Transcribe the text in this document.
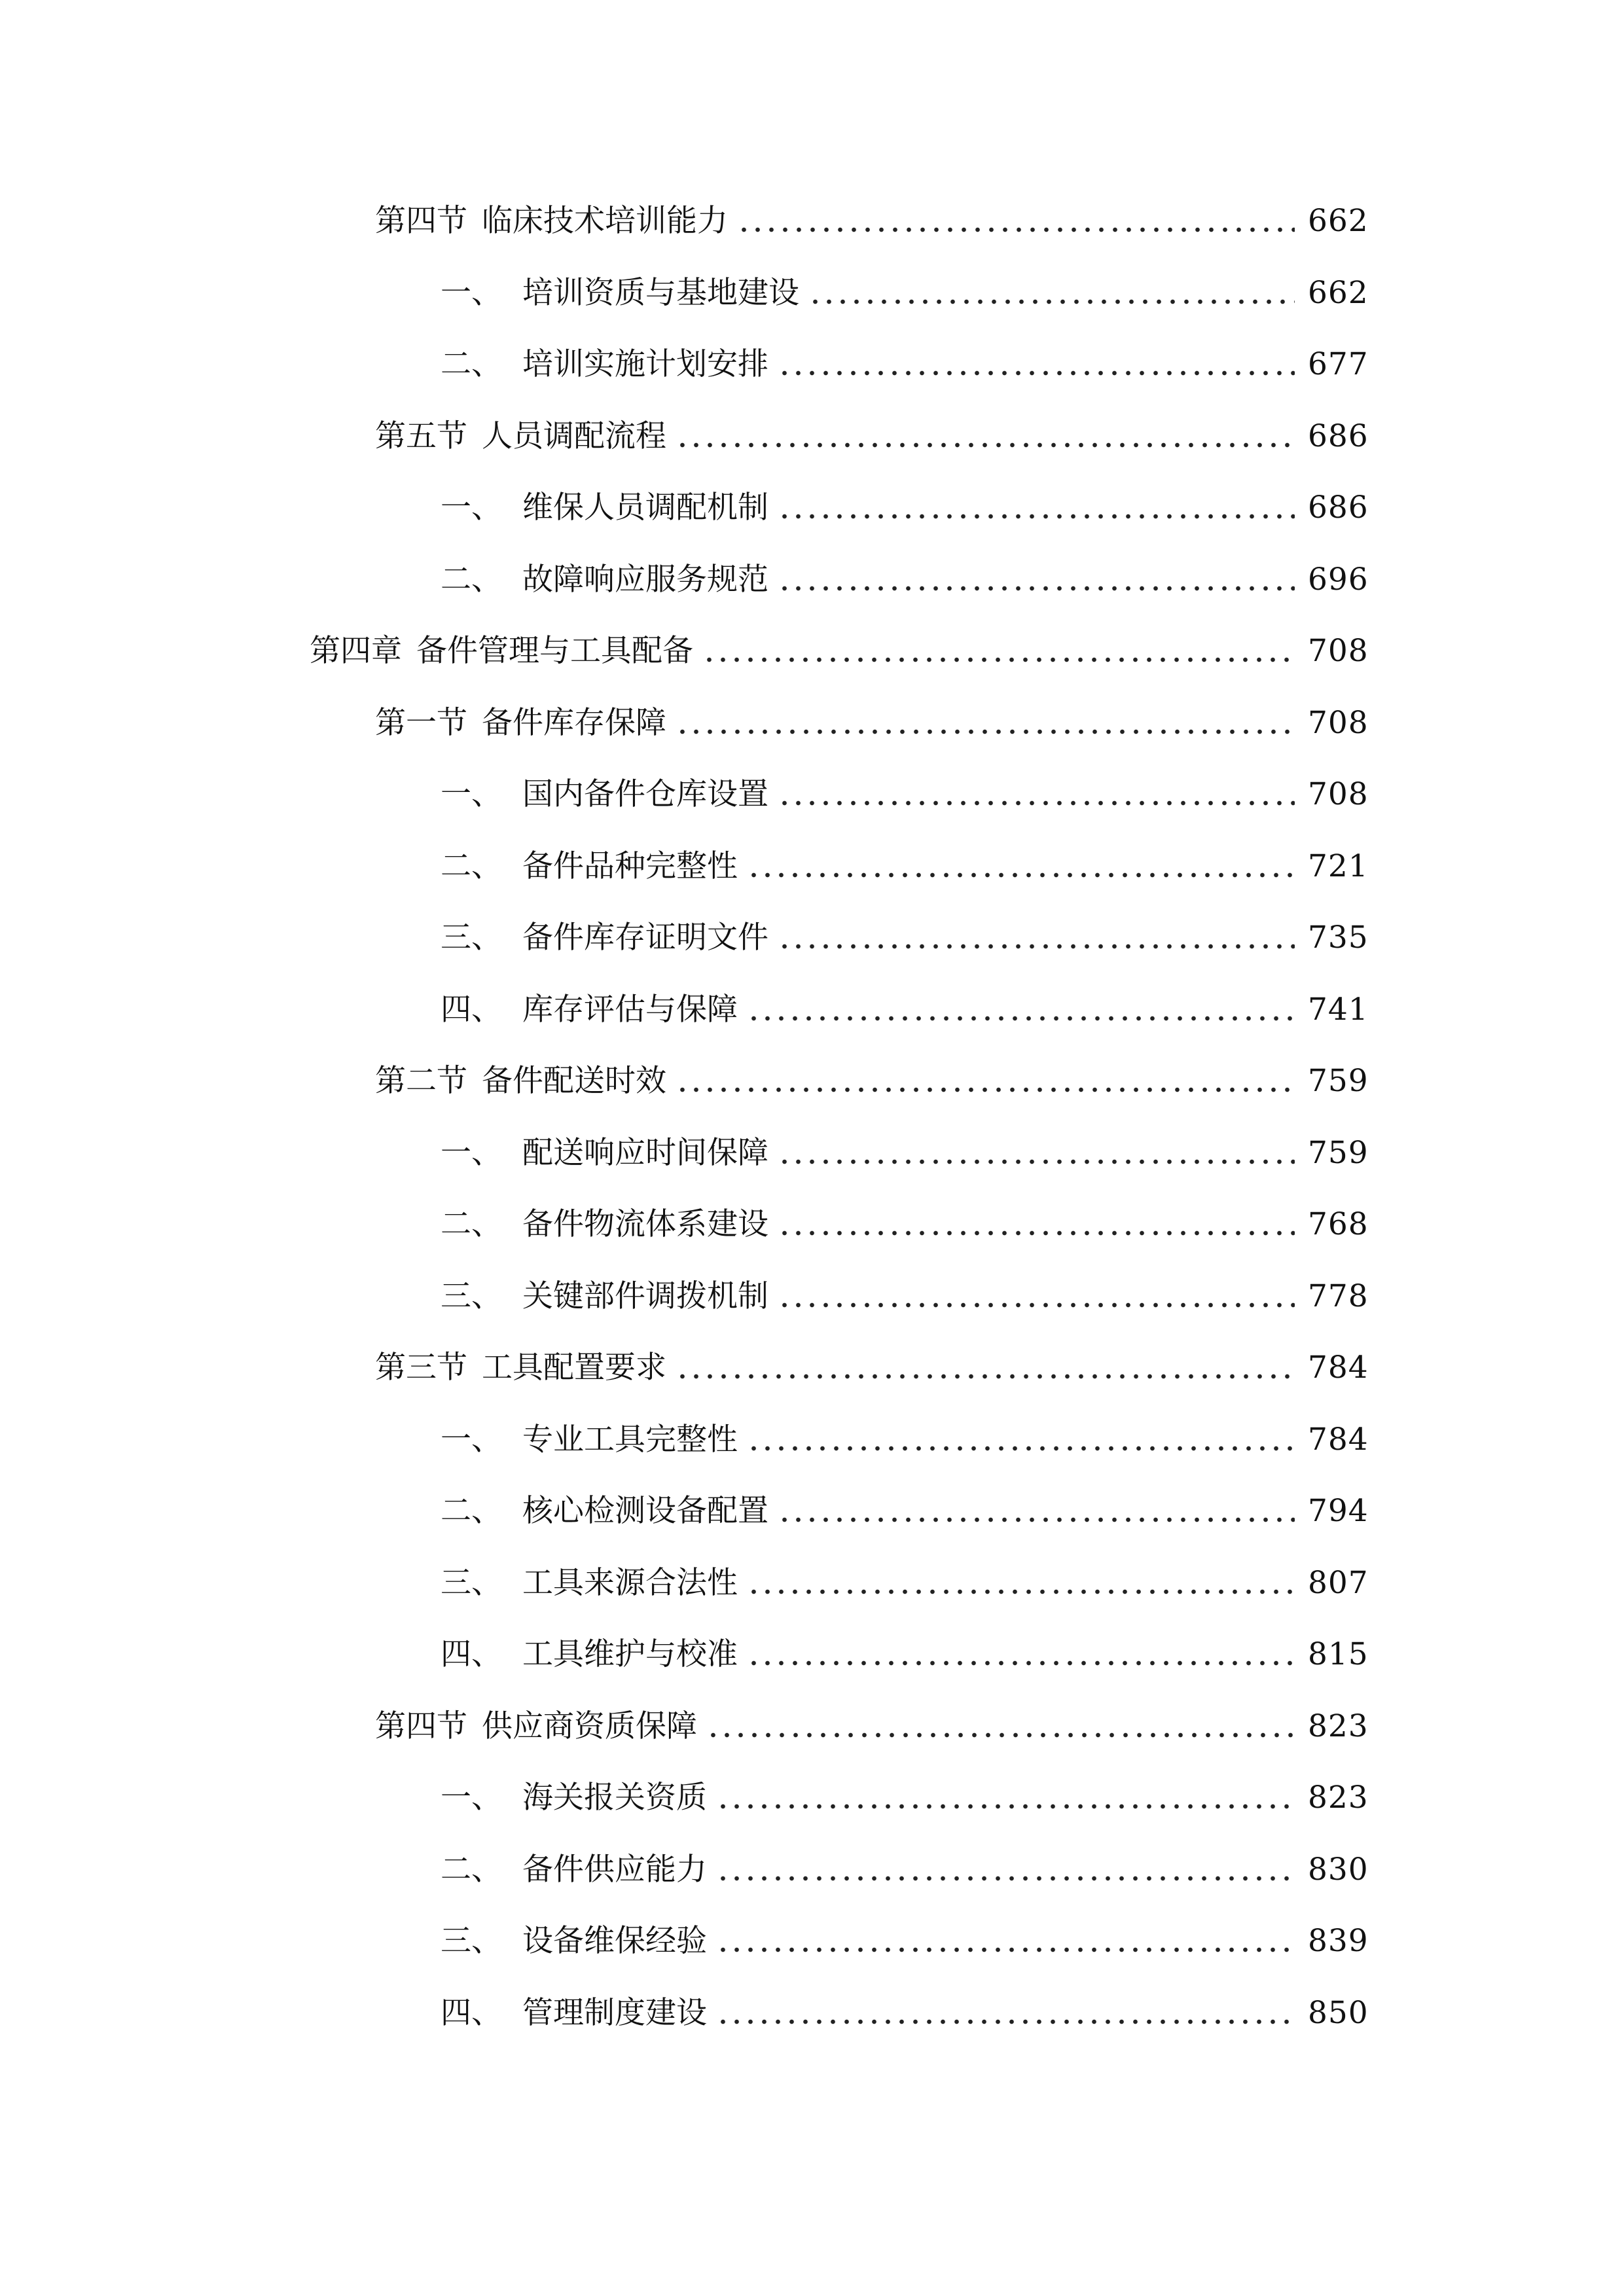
第四节 临床技术培训能力	662
一、 培训资质与基地建设	662
二、 培训实施计划安排	677
第五节 人员调配流程	686
一、 维保人员调配机制	686
二、 故障响应服务规范	696
第四章 备件管理与工具配备	708
第一节 备件库存保障	708
一、 国内备件仓库设置	708
二、 备件品种完整性	721
三、 备件库存证明文件	735
四、 库存评估与保障	741
第二节 备件配送时效	759
一、 配送响应时间保障	759
二、 备件物流体系建设	768
三、 关键部件调拨机制	778
第三节 工具配置要求	784
一、 专业工具完整性	784
二、 核心检测设备配置	794
三、 工具来源合法性	807
四、 工具维护与校准	815
第四节 供应商资质保障	823
一、 海关报关资质	823
二、 备件供应能力	830
三、 设备维保经验	839
四、 管理制度建设	850
